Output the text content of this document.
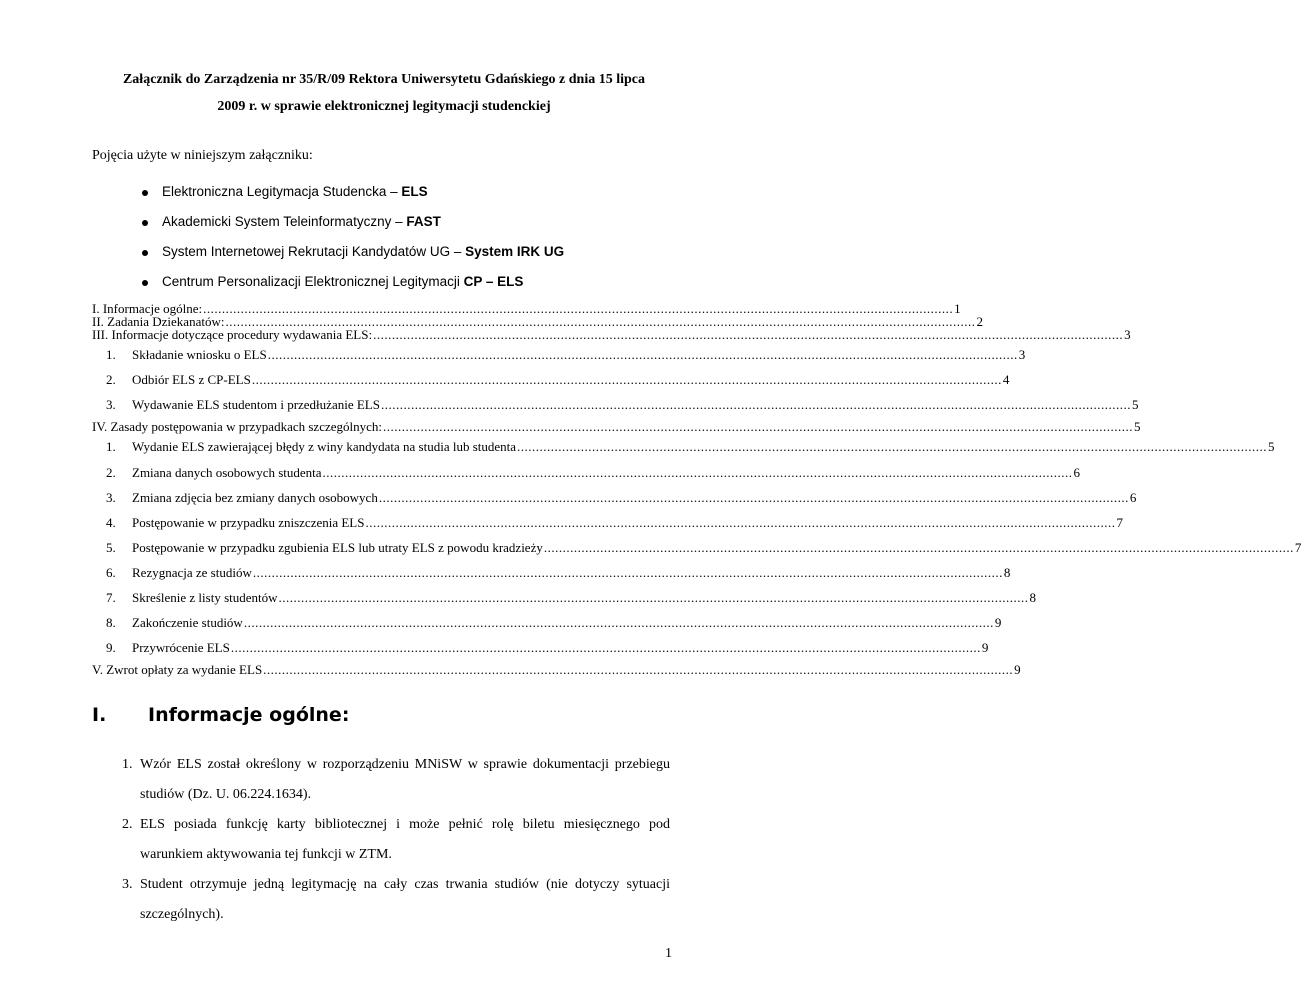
Załącznik do Zarządzenia nr 35/R/09 Rektora Uniwersytetu Gdańskiego z dnia 15 lipca
2009 r. w sprawie elektronicznej legitymacji studenckiej
Pojęcia użyte w niniejszym załączniku:
Elektroniczna Legitymacja Studencka – ELS
Akademicki System Teleinformatyczny – FAST
System Internetowej Rekrutacji Kandydatów UG – System IRK UG
Centrum Personalizacji Elektronicznej Legitymacji CP – ELS
I. Informacje ogólne: ........................................................................................................................................................................................................ 1
II. Zadania Dziekanatów: ........................................................................................................................................................................................................ 2
III. Informacje dotyczące procedury wydawania ELS: ........................................................................................................................................................................................................ 3
1.	Składanie wniosku o ELS ........................................................................................................................................................................................................ 3
2.	Odbiór ELS z CP-ELS ........................................................................................................................................................................................................ 4
3.	Wydawanie ELS studentom i przedłużanie ELS ........................................................................................................................................................................................................ 5
IV. Zasady postępowania w przypadkach szczególnych: ........................................................................................................................................................................................................ 5
1.	Wydanie ELS zawierającej błędy z winy kandydata na studia lub studenta ........................................................................................................................................................................................................ 5
2.	Zmiana danych osobowych studenta ........................................................................................................................................................................................................ 6
3.	Zmiana zdjęcia bez zmiany danych osobowych ........................................................................................................................................................................................................ 6
4.	Postępowanie w przypadku zniszczenia ELS ........................................................................................................................................................................................................ 7
5.	Postępowanie w przypadku zgubienia ELS lub utraty ELS z powodu kradzieży ........................................................................................................................................................................................................ 7
6.	Rezygnacja ze studiów ........................................................................................................................................................................................................ 8
7.	Skreślenie z listy studentów ........................................................................................................................................................................................................ 8
8.	Zakończenie studiów ........................................................................................................................................................................................................ 9
9.	Przywrócenie ELS ........................................................................................................................................................................................................ 9
V. Zwrot opłaty za wydanie ELS ........................................................................................................................................................................................................ 9
I. Informacje ogólne:
1. Wzór ELS został określony w rozporządzeniu MNiSW w sprawie dokumentacji przebiegu studiów (Dz. U. 06.224.1634).
2. ELS posiada funkcję karty bibliotecznej i może pełnić rolę biletu miesięcznego pod warunkiem aktywowania tej funkcji w ZTM.
3. Student otrzymuje jedną legitymację na cały czas trwania studiów (nie dotyczy sytuacji szczególnych).
1
